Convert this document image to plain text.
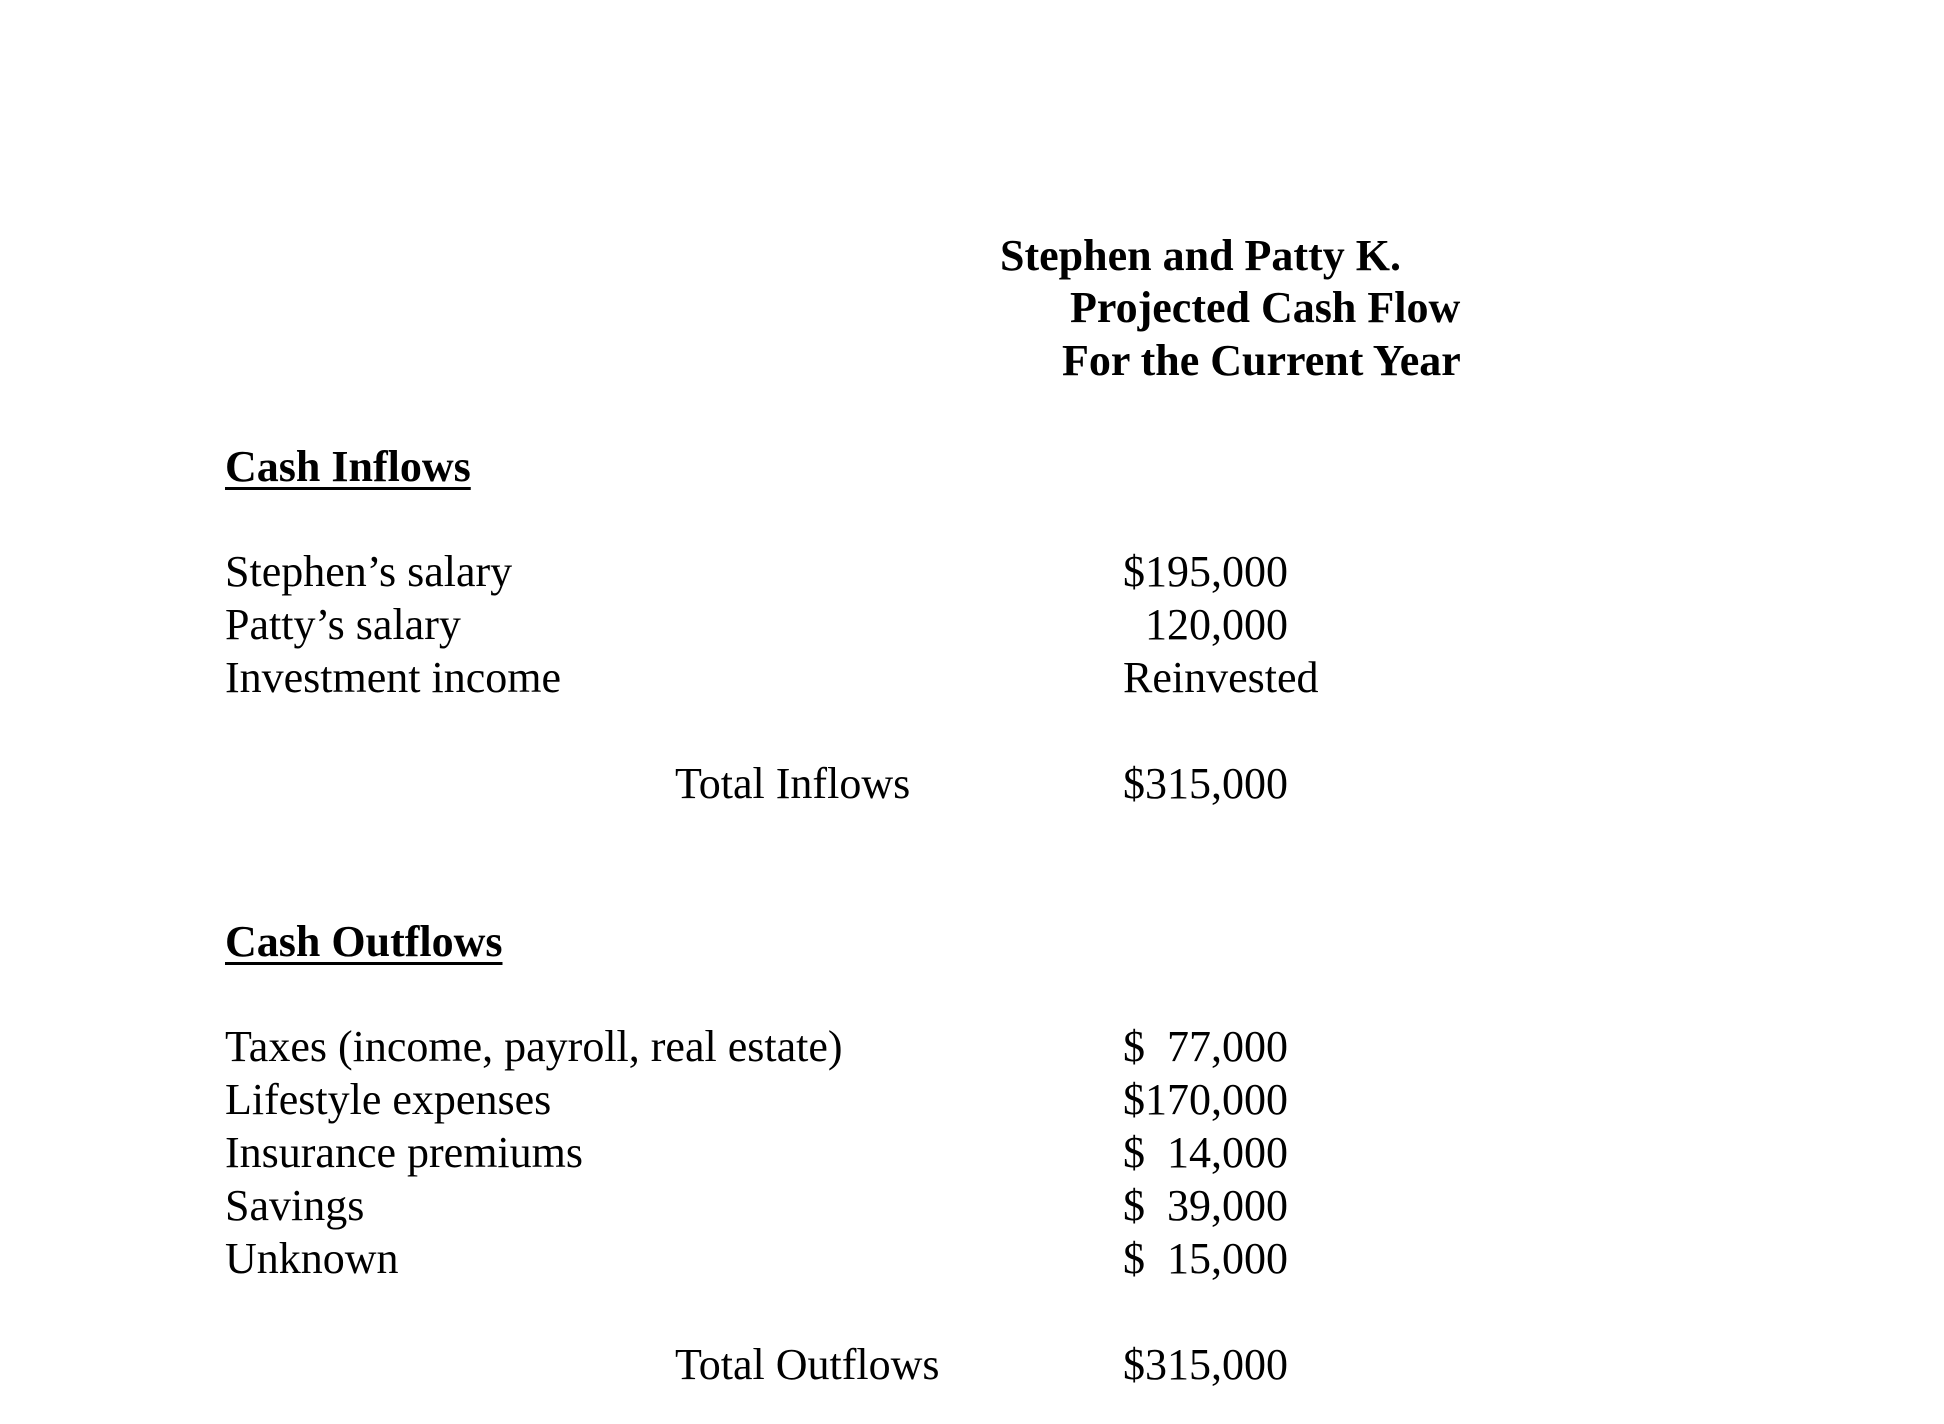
Stephen and Patty K.
Projected Cash Flow
For the Current Year
Cash Inflows
Stephen’s salary	$195,000
Patty’s salary	120,000
Investment income	Reinvested
Total Inflows	$315,000
Cash Outflows
Taxes (income, payroll, real estate)	$  77,000
Lifestyle expenses	$170,000
Insurance premiums	$  14,000
Savings	$  39,000
Unknown	$  15,000
Total Outflows	$315,000
